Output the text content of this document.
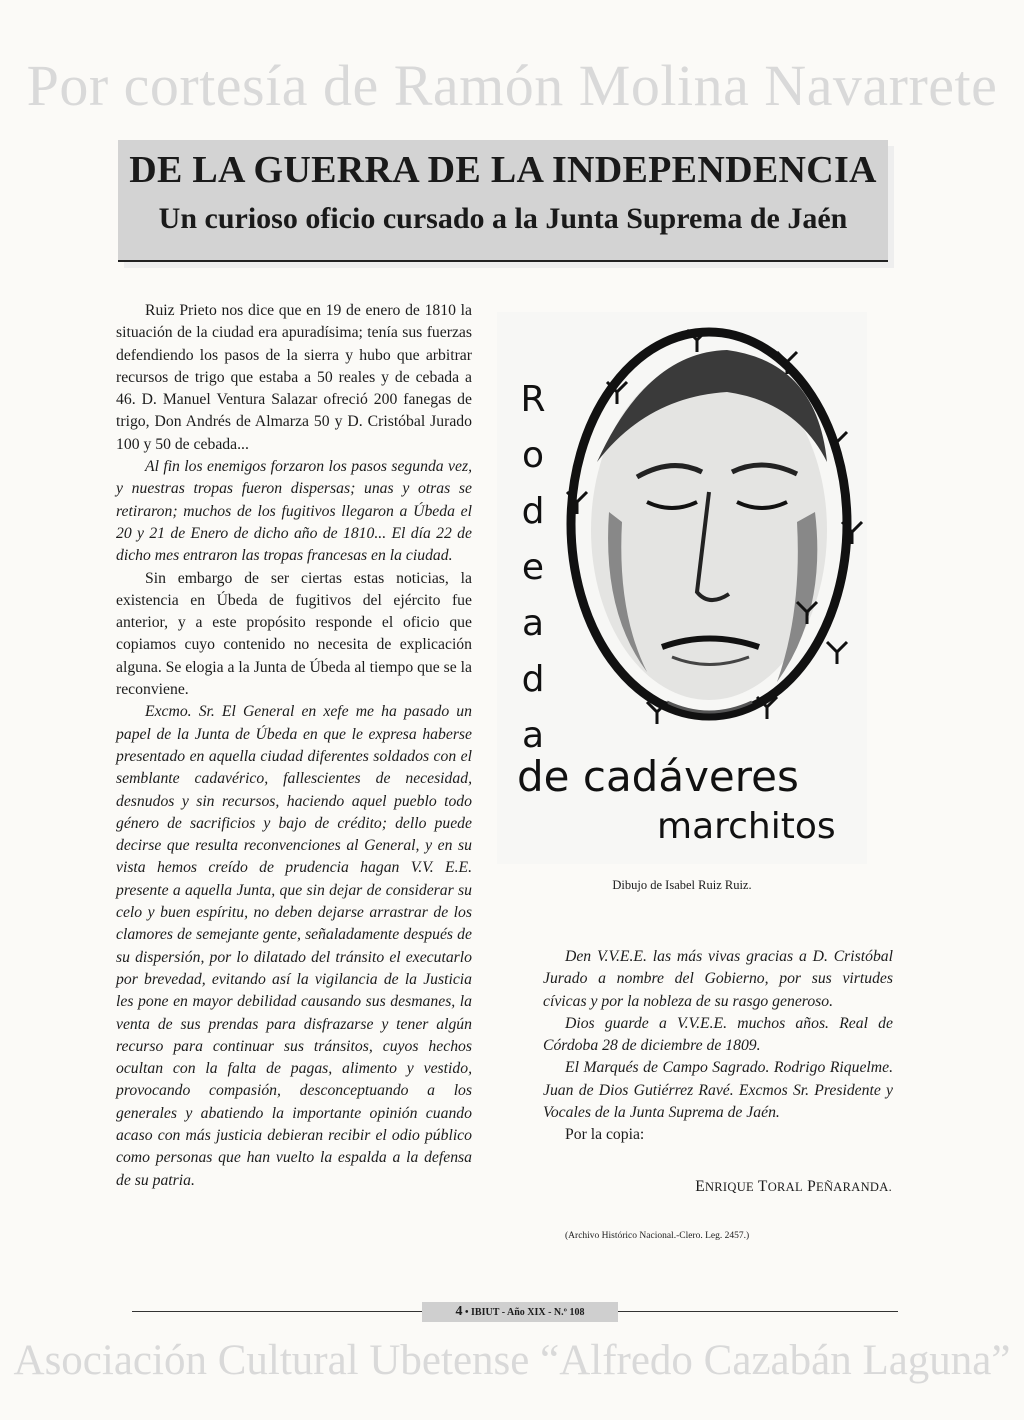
Por cortesía de Ramón Molina Navarrete
DE LA GUERRA DE LA INDEPENDENCIA
Un curioso oficio cursado a la Junta Suprema de Jaén

Ruiz Prieto nos dice que en 19 de enero de 1810 la situación de la ciudad era apuradísima; tenía sus fuerzas defendiendo los pasos de la sierra y hubo que arbitrar recursos de trigo que estaba a 50 reales y de cebada a 46. D. Manuel Ventura Salazar ofreció 200 fanegas de trigo, Don Andrés de Almarza 50 y D. Cristóbal Jurado 100 y 50 de cebada...

Al fin los enemigos forzaron los pasos segunda vez, y nuestras tropas fueron dispersas; unas y otras se retiraron; muchos de los fugitivos llegaron a Úbeda el 20 y 21 de Enero de dicho año de 1810... El día 22 de dicho mes entraron las tropas francesas en la ciudad.

Sin embargo de ser ciertas estas noticias, la existencia en Úbeda de fugitivos del ejército fue anterior, y a este propósito responde el oficio que copiamos cuyo contenido no necesita de explicación alguna. Se elogia a la Junta de Úbeda al tiempo que se la reconviene.

Excmo. Sr. El General en xefe me ha pasado un papel de la Junta de Úbeda en que le expresa haberse presentado en aquella ciudad diferentes soldados con el semblante cadavérico, fallescientes de necesidad, desnudos y sin recursos, haciendo aquel pueblo todo género de sacrificios y bajo de crédito; dello puede decirse que resulta reconvenciones al General, y en su vista hemos creído de prudencia hagan V.V. E.E. presente a aquella Junta, que sin dejar de considerar su celo y buen espíritu, no deben dejarse arrastrar de los clamores de semejante gente, señaladamente después de su dispersión, por lo dilatado del tránsito el executarlo por brevedad, evitando así la vigilancia de la Justicia les pone en mayor debilidad causando sus desmanes, la venta de sus prendas para disfrazarse y tener algún recurso para continuar sus tránsitos, cuyos hechos ocultan con la falta de pagas, alimento y vestido, provocando compasión, desconceptuando a los generales y abatiendo la importante opinión cuando acaso con más justicia debieran recibir el odio público como personas que han vuelto la espalda a la defensa de su patria.

Rodeada
de cadáveres
marchitos
Dibujo de Isabel Ruiz Ruiz.

Den V.V.E.E. las más vivas gracias a D. Cristóbal Jurado a nombre del Gobierno, por sus virtudes cívicas y por la nobleza de su rasgo generoso.

Dios guarde a V.V.E.E. muchos años. Real de Córdoba 28 de diciembre de 1809.

El Marqués de Campo Sagrado. Rodrigo Riquelme. Juan de Dios Gutiérrez Ravé. Excmos Sr. Presidente y Vocales de la Junta Suprema de Jaén.

Por la copia:

ENRIQUE TORAL PEÑARANDA.
(Archivo Histórico Nacional.-Clero. Leg. 2457.)
4 • IBIUT - Año XIX - N.º 108
Asociación Cultural Ubetense “Alfredo Cazabán Laguna”
